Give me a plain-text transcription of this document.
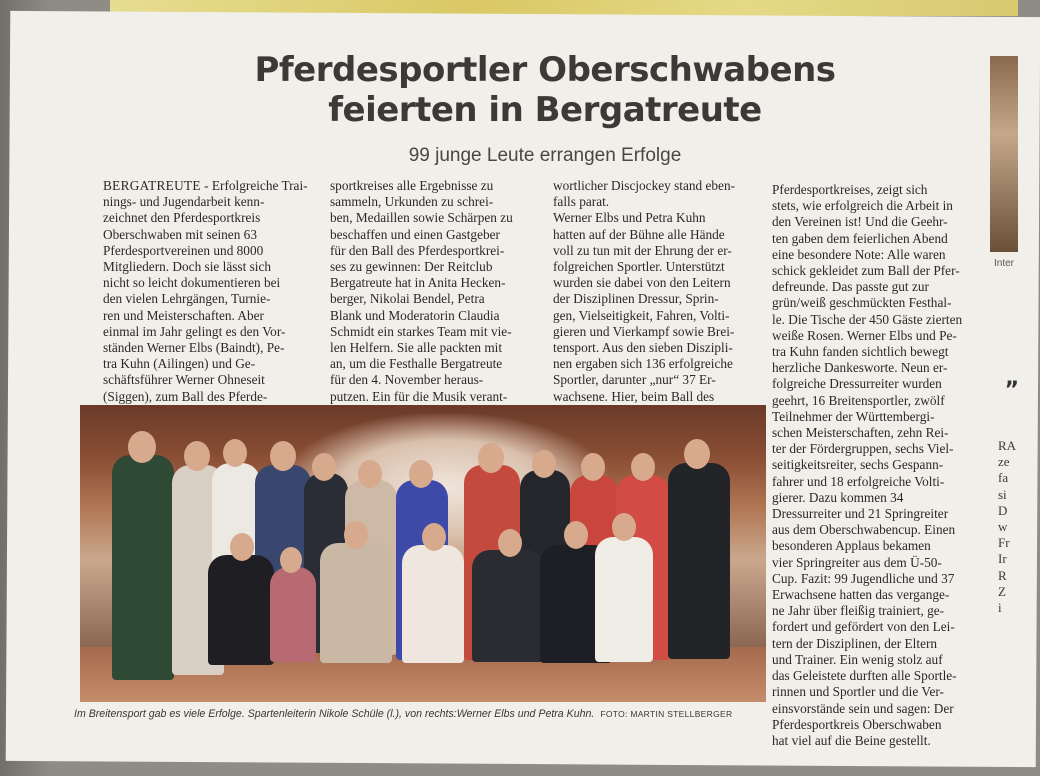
Inter
„
RA
ze
fa
si
D
w
Fr
Ir
R
Z
i
Pferdesportler Oberschwabens
feierten in Bergatreute
99 junge Leute errangen Erfolge
BERGATREUTE - Erfolgreiche Trai-
nings- und Jugendarbeit kenn-
zeichnet den Pferdesportkreis
Oberschwaben mit seinen 63
Pferdesportvereinen und 8000
Mitgliedern. Doch sie lässt sich
nicht so leicht dokumentieren bei
den vielen Lehrgängen, Turnie-
ren und Meisterschaften. Aber
einmal im Jahr gelingt es den Vor-
ständen Werner Elbs (Baindt), Pe-
tra Kuhn (Ailingen) und Ge-
schäftsführer Werner Ohneseit
(Siggen), zum Ball des Pferde-
sportkreises alle Ergebnisse zu
sammeln, Urkunden zu schrei-
ben, Medaillen sowie Schärpen zu
beschaffen und einen Gastgeber
für den Ball des Pferdesportkrei-
ses zu gewinnen: Der Reitclub
Bergatreute hat in Anita Hecken-
berger, Nikolai Bendel, Petra
Blank und Moderatorin Claudia
Schmidt ein starkes Team mit vie-
len Helfern. Sie alle packten mit
an, um die Festhalle Bergatreute
für den 4. November heraus-
putzen. Ein für die Musik verant-
wortlicher Discjockey stand eben-
falls parat.
Werner Elbs und Petra Kuhn
hatten auf der Bühne alle Hände
voll zu tun mit der Ehrung der er-
folgreichen Sportler. Unterstützt
wurden sie dabei von den Leitern
der Disziplinen Dressur, Sprin-
gen, Vielseitigkeit, Fahren, Volti-
gieren und Vierkampf sowie Brei-
tensport. Aus den sieben Diszipli-
nen ergaben sich 136 erfolgreiche
Sportler, darunter „nur“ 37 Er-
wachsene. Hier, beim Ball des
Pferdesportkreises, zeigt sich
stets, wie erfolgreich die Arbeit in
den Vereinen ist! Und die Geehr-
ten gaben dem feierlichen Abend
eine besondere Note: Alle waren
schick gekleidet zum Ball der Pfer-
defreunde. Das passte gut zur
grün/weiß geschmückten Festhal-
le. Die Tische der 450 Gäste zierten
weiße Rosen. Werner Elbs und Pe-
tra Kuhn fanden sichtlich bewegt
herzliche Dankesworte. Neun er-
folgreiche Dressurreiter wurden
geehrt, 16 Breitensportler, zwölf
Teilnehmer der Württembergi-
schen Meisterschaften, zehn Rei-
ter der Fördergruppen, sechs Viel-
seitigkeitsreiter, sechs Gespann-
fahrer und 18 erfolgreiche Volti-
gierer. Dazu kommen 34
Dressurreiter und 21 Springreiter
aus dem Oberschwabencup. Einen
besonderen Applaus bekamen
vier Springreiter aus dem Ü-50-
Cup. Fazit: 99 Jugendliche und 37
Erwachsene hatten das vergange-
ne Jahr über fleißig trainiert, ge-
fordert und gefördert von den Lei-
tern der Disziplinen, der Eltern
und Trainer. Ein wenig stolz auf
das Geleistete durften alle Sportle-
rinnen und Sportler und die Ver-
einsvorstände sein und sagen: Der
Pferdesportkreis Oberschwaben
hat viel auf die Beine gestellt.
Im Breitensport gab es viele Erfolge. Spartenleiterin Nikole Schüle (l.), von rechts:Werner Elbs und Petra Kuhn. FOTO: MARTIN STELLBERGER
